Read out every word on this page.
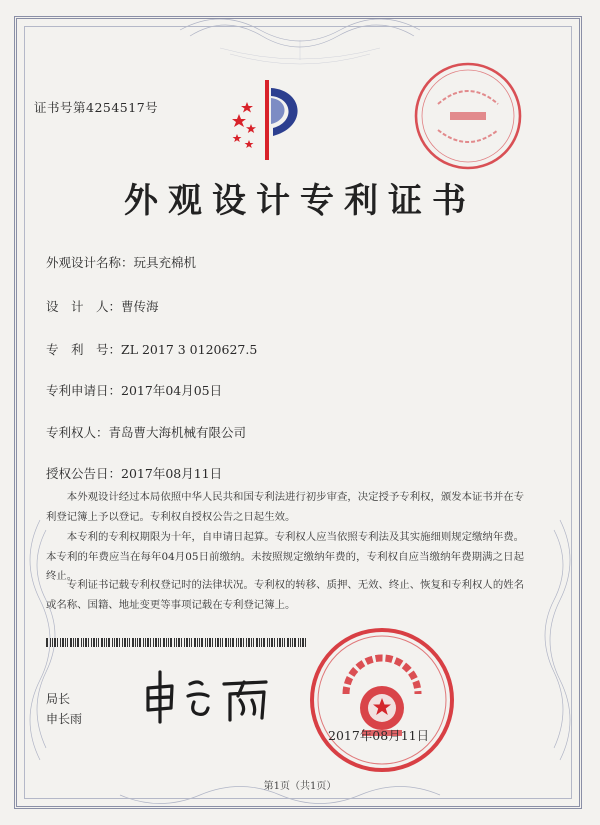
证书号第4254517号
外观设计专利证书
外观设计名称：玩具充棉机
设　计　人：曹传海
专　利　号：ZL 2017 3 0120627.5
专利申请日：2017年04月05日
专利权人：青岛曹大海机械有限公司
授权公告日：2017年08月11日
本外观设计经过本局依照中华人民共和国专利法进行初步审查，决定授予专利权，颁发本证书并在专利登记簿上予以登记。专利权自授权公告之日起生效。
本专利的专利权期限为十年，自申请日起算。专利权人应当依照专利法及其实施细则规定缴纳年费。本专利的年费应当在每年04月05日前缴纳。未按照规定缴纳年费的，专利权自应当缴纳年费期满之日起终止。
专利证书记载专利权登记时的法律状况。专利权的转移、质押、无效、终止、恢复和专利权人的姓名或名称、国籍、地址变更等事项记载在专利登记簿上。
局长
申长雨
2017年08月11日
第1页（共1页）
